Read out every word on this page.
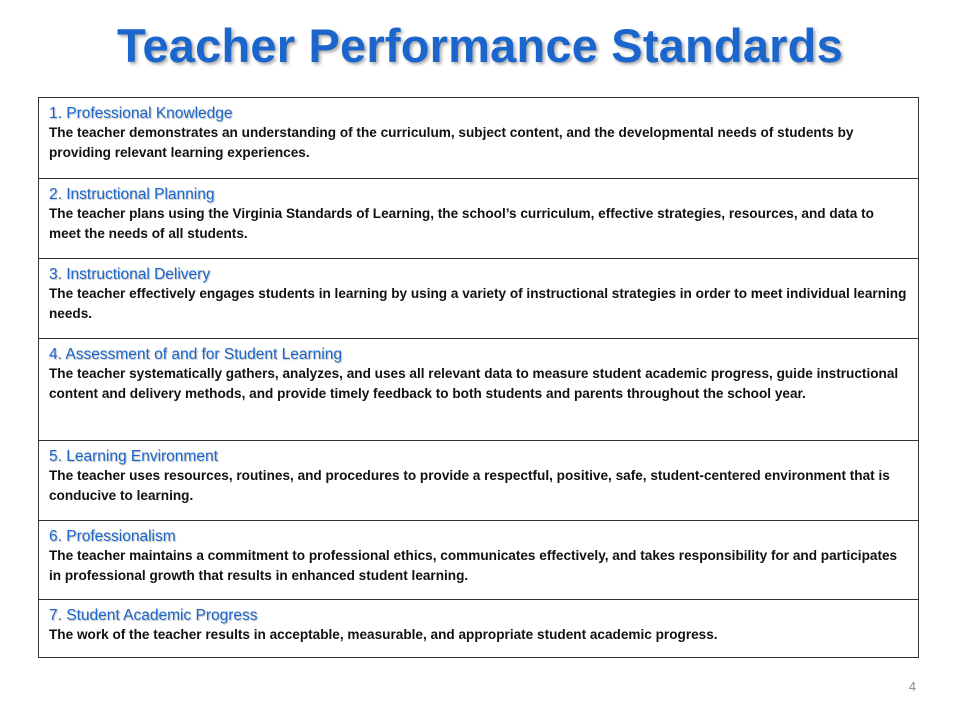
Teacher Performance Standards
1. Professional Knowledge
The teacher demonstrates an understanding of the curriculum, subject content, and the developmental needs of students by providing relevant learning experiences.
2. Instructional Planning
The teacher plans using the Virginia Standards of Learning, the school’s curriculum, effective strategies, resources, and data to meet the needs of all students.
3. Instructional Delivery
The teacher effectively engages students in learning by using a variety of instructional strategies in order to meet individual learning needs.
4. Assessment of and for Student Learning
The teacher systematically gathers, analyzes, and uses all relevant data to measure student academic progress, guide instructional content and delivery methods, and provide timely feedback to both students and parents throughout the school year.
5. Learning Environment
The teacher uses resources, routines, and procedures to provide a respectful, positive, safe, student-centered environment that is conducive to learning.
6. Professionalism
The teacher maintains a commitment to professional ethics, communicates effectively, and takes responsibility for and participates in professional growth that results in enhanced student learning.
7. Student Academic Progress
The work of the teacher results in acceptable, measurable, and appropriate student academic progress.
4
